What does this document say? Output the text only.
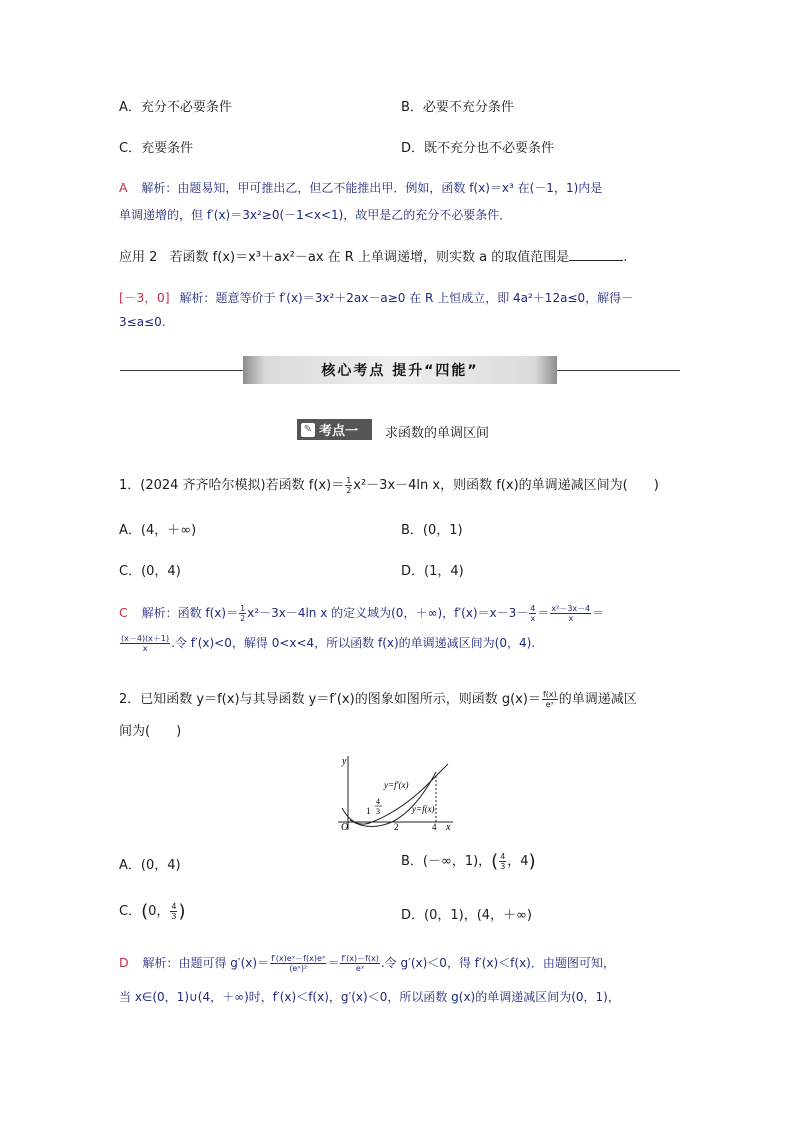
A．充分不必要条件	B．必要不充分条件
C．充要条件	D．既不充分也不必要条件
A 解析：由题易知，甲可推出乙，但乙不能推出甲．例如，函数 f(x)＝x³ 在(－1，1)内是
单调递增的，但 f′(x)＝3x²≥0(－1<x<1)，故甲是乙的充分不必要条件．
应用 2 若函数 f(x)＝x³＋ax²－ax 在 R 上单调递增，则实数 a 的取值范围是	.
[－3，0] 解析：题意等价于 f′(x)＝3x²＋2ax－a≥0 在 R 上恒成立，即 4a²＋12a≤0，解得－
3≤a≤0.
核心考点 提升“四能”
✎ 考点一 求函数的单调区间
1．(2024 齐齐哈尔模拟)若函数 $f(x)= \frac{1}{2} x^2-3x-4\ln$ x，则函数 f(x)的单调递减区间为(　　)
A．(4，＋∞)	B．(0，1)
C．(0，4)	D．(1，4)
C 解析：函数 $f(x)= \frac{1}{2} x^2-3x-4\ln$ x 的定义域为(0，＋∞)，$f'(x)=x-3- \frac{4}{x} = \frac{\text{x²－3x－4}}{x}$ ＝
$\frac{(x-4)(x+1)}{x}$ .令 f′(x)<0，解得 0<x<4，所以函数 f(x)的单调递减区间为(0，4).
2．已知函数 y＝f(x)与其导函数 y＝f′(x)的图象如图所示，则函数 $g(x)= \frac{f(x)}{\text{eˣ}}$ 的单调递减区
间为(　　)
y
x
O
y=f′(x)
y=f(x)
1
4
3
2	4
A．(0，4)	B．(－∞，1)，( $\frac{4}{3}$ ，4)
C．(0， $\frac{4}{3}$ )	D．(0，1)，(4，＋∞)
D 解析：由题可得 $g'(x)= \frac{\text{f′(x)eˣ－f(x)eˣ}}{\text{(eˣ)²}} = \frac{f'(x)-f(x)}{\text{eˣ}}$ .令 g′(x)＜0，得 f′(x)＜f(x)．由题图可知，
当 x∈(0，1)∪(4，＋∞)时，f′(x)＜f(x)，g′(x)＜0，所以函数 g(x)的单调递减区间为(0，1)，
